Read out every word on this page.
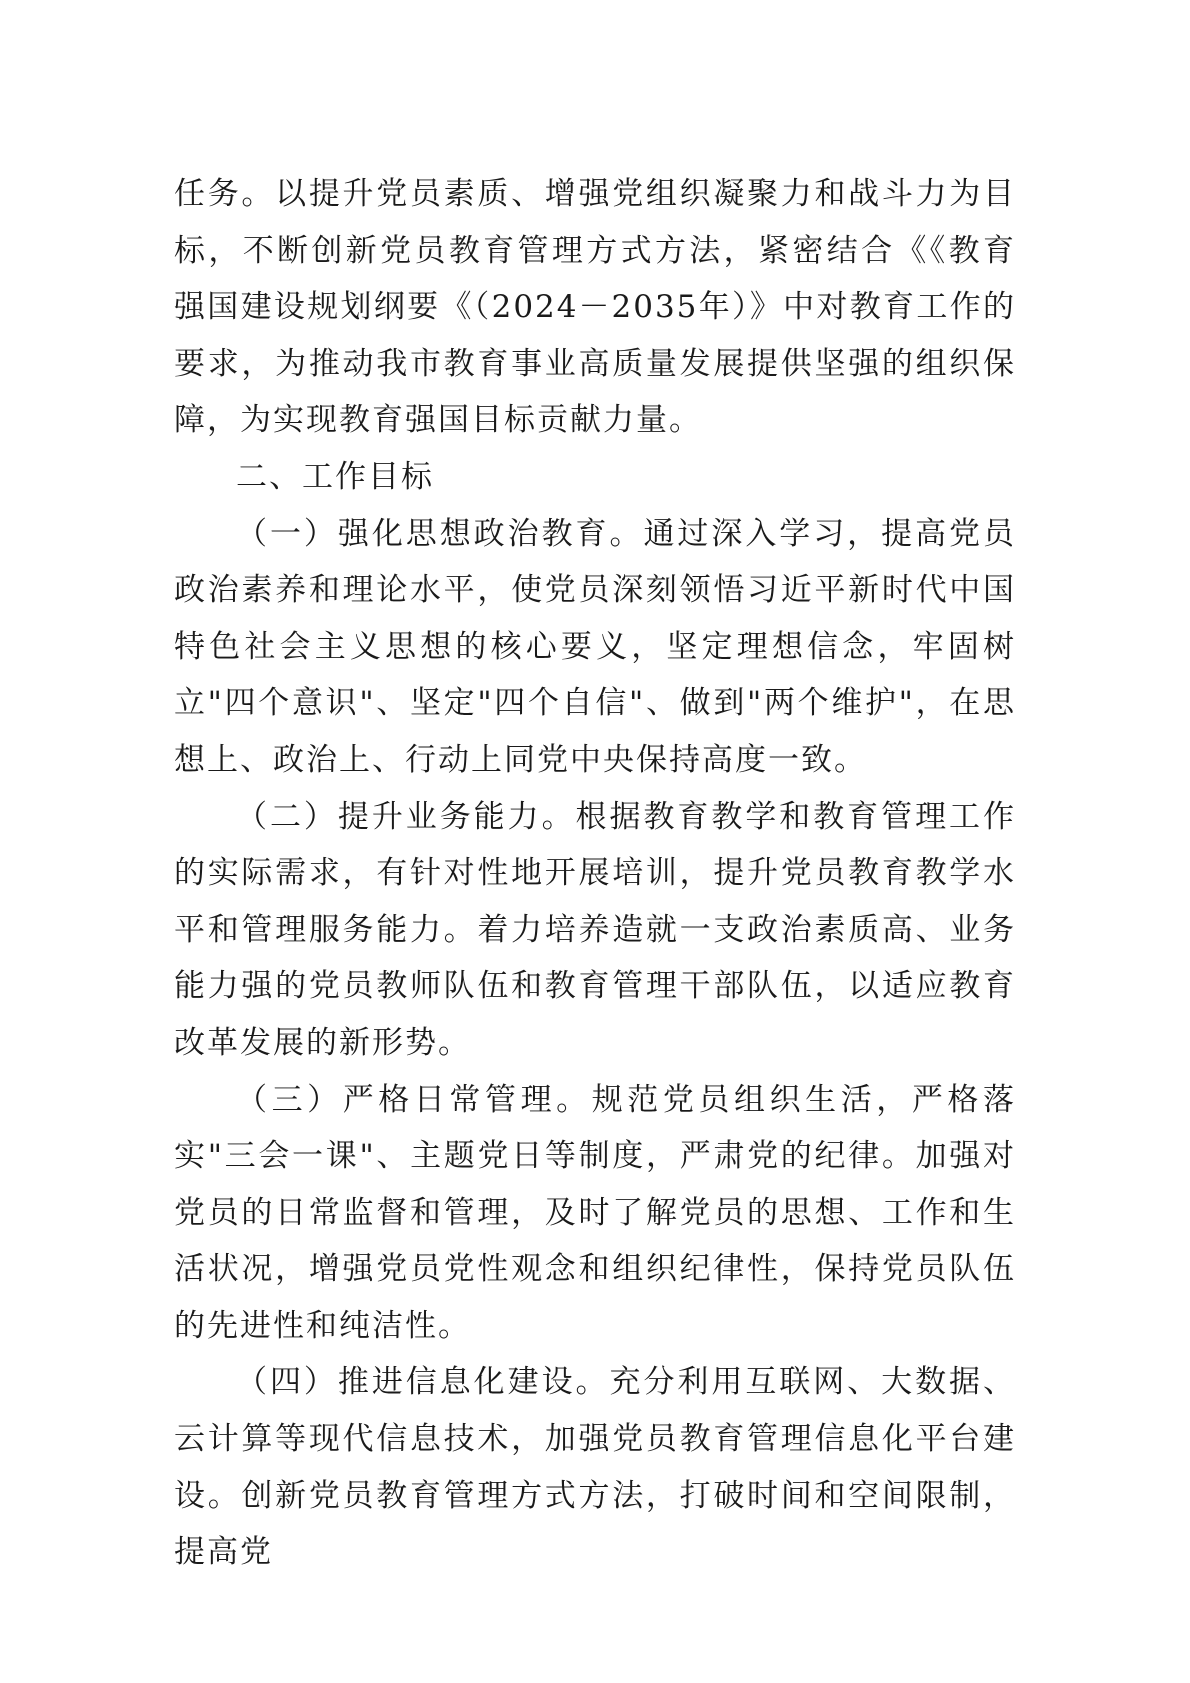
任务。以提升党员素质、增强党组织凝聚力和战斗力为目标，不断创新党员教育管理方式方法，紧密结合《《教育强国建设规划纲要《（2024－2035年）》中对教育工作的要求，为推动我市教育事业高质量发展提供坚强的组织保障，为实现教育强国目标贡献力量。

二、工作目标

（一）强化思想政治教育。通过深入学习，提高党员政治素养和理论水平，使党员深刻领悟习近平新时代中国特色社会主义思想的核心要义，坚定理想信念，牢固树立"四个意识"、坚定"四个自信"、做到"两个维护"，在思想上、政治上、行动上同党中央保持高度一致。

（二）提升业务能力。根据教育教学和教育管理工作的实际需求，有针对性地开展培训，提升党员教育教学水平和管理服务能力。着力培养造就一支政治素质高、业务能力强的党员教师队伍和教育管理干部队伍，以适应教育改革发展的新形势。

（三）严格日常管理。规范党员组织生活，严格落实"三会一课"、主题党日等制度，严肃党的纪律。加强对党员的日常监督和管理，及时了解党员的思想、工作和生活状况，增强党员党性观念和组织纪律性，保持党员队伍的先进性和纯洁性。

（四）推进信息化建设。充分利用互联网、大数据、云计算等现代信息技术，加强党员教育管理信息化平台建设。创新党员教育管理方式方法，打破时间和空间限制，提高党
